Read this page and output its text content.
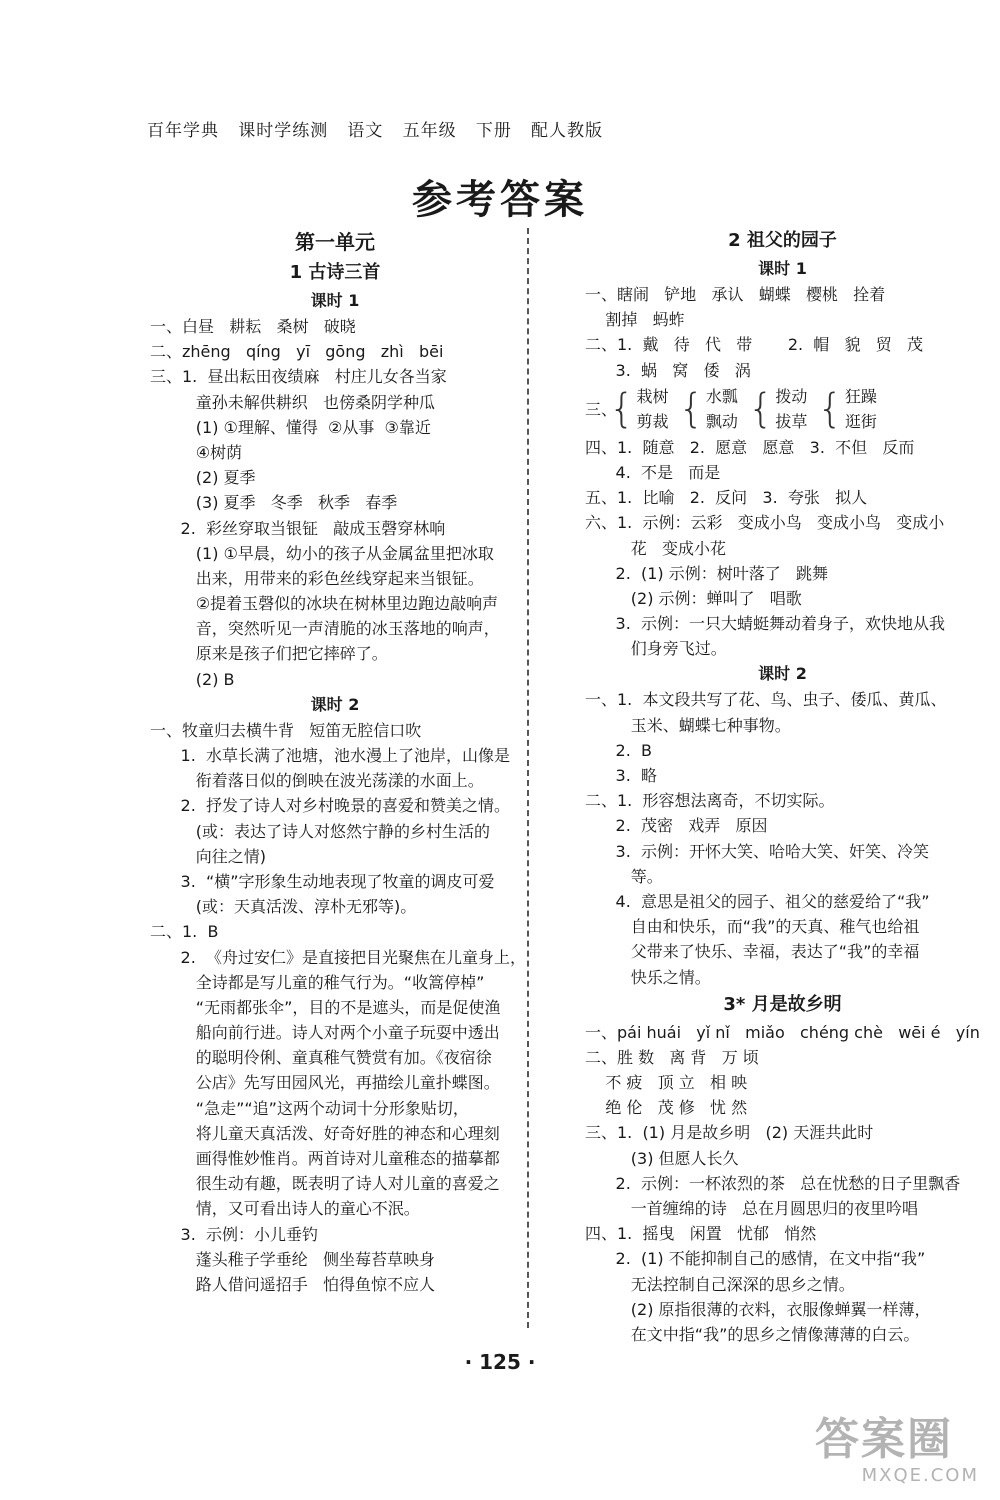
百年学典   课时学练测   语文   五年级   下册   配人教版
参考答案
第一单元
1 古诗三首
课时 1
一、白昼   耕耘   桑树   破晓
二、zhēng   qíng   yī   gōng   zhì   bēi
三、1.  昼出耘田夜绩麻   村庄儿女各当家
童孙未解供耕织   也傍桑阴学种瓜
(1) ①理解、懂得  ②从事  ③靠近
④树荫
(2) 夏季
(3) 夏季   冬季   秋季   春季
2.  彩丝穿取当银钲   敲成玉磬穿林响
(1) ①早晨，幼小的孩子从金属盆里把冰取
出来，用带来的彩色丝线穿起来当银钲。
②提着玉磬似的冰块在树林里边跑边敲响声
音，突然听见一声清脆的冰玉落地的响声，
原来是孩子们把它摔碎了。
(2) B
课时 2
一、牧童归去横牛背   短笛无腔信口吹
1.  水草长满了池塘，池水漫上了池岸，山像是
衔着落日似的倒映在波光荡漾的水面上。
2.  抒发了诗人对乡村晚景的喜爱和赞美之情。
(或：表达了诗人对悠然宁静的乡村生活的
向往之情)
3.  “横”字形象生动地表现了牧童的调皮可爱
(或：天真活泼、淳朴无邪等)。
二、1.  B
2.  《舟过安仁》是直接把目光聚焦在儿童身上，
全诗都是写儿童的稚气行为。“收篙停棹”
“无雨都张伞”，目的不是遮头，而是促使渔
船向前行进。诗人对两个小童子玩耍中透出
的聪明伶俐、童真稚气赞赏有加。《夜宿徐
公店》先写田园风光，再描绘儿童扑蝶图。
“急走”“追”这两个动词十分形象贴切，
将儿童天真活泼、好奇好胜的神态和心理刻
画得惟妙惟肖。两首诗对儿童稚态的描摹都
很生动有趣，既表明了诗人对儿童的喜爱之
情，又可看出诗人的童心不泯。
3.  示例：小儿垂钓
蓬头稚子学垂纶   侧坐莓苔草映身
路人借问遥招手   怕得鱼惊不应人
2 祖父的园子
课时 1
一、瞎闹   铲地   承认   蝴蝶   樱桃   拴着
割掉   蚂蚱
二、1.  戴   待   代   带       2.  帽   貌   贸   茂
3.  蜗   窝   倭   涡
三、
{ 栽树
剪裁 { 水瓢
飘动 { 拨动
拔草 { 狂躁
逛街
四、1.  随意   2.  愿意   愿意   3.  不但   反而
4.  不是   而是
五、1.  比喻   2.  反问   3.  夸张   拟人
六、1.  示例：云彩   变成小鸟   变成小鸟   变成小
花   变成小花
2.  (1) 示例：树叶落了   跳舞
(2) 示例：蝉叫了   唱歌
3.  示例：一只大蜻蜓舞动着身子，欢快地从我
们身旁飞过。
课时 2
一、1.  本文段共写了花、鸟、虫子、倭瓜、黄瓜、
玉米、蝴蝶七种事物。
2.  B
3.  略
二、1.  形容想法离奇，不切实际。
2.  茂密   戏弄   原因
3.  示例：开怀大笑、哈哈大笑、奸笑、冷笑
等。
4.  意思是祖父的园子、祖父的慈爱给了“我”
自由和快乐，而“我”的天真、稚气也给祖
父带来了快乐、幸福，表达了“我”的幸福
快乐之情。
3* 月是故乡明
一、pái huái   yǐ nǐ   miǎo   chéng chè   wēi é   yín
二、胜 数   离 背   万 顷
不 疲   顶 立   相 映
绝 伦   茂 修   忧 然
三、1.  (1) 月是故乡明   (2) 天涯共此时
(3) 但愿人长久
2.  示例：一杯浓烈的茶   总在忧愁的日子里飘香
一首缠绵的诗   总在月圆思归的夜里吟唱
四、1.  摇曳   闲置   忧郁   悄然
2.  (1) 不能抑制自己的感情，在文中指“我”
无法控制自己深深的思乡之情。
(2) 原指很薄的衣料，衣服像蝉翼一样薄，
在文中指“我”的思乡之情像薄薄的白云。
· 125 ·
答案圈
MXQE.COM
